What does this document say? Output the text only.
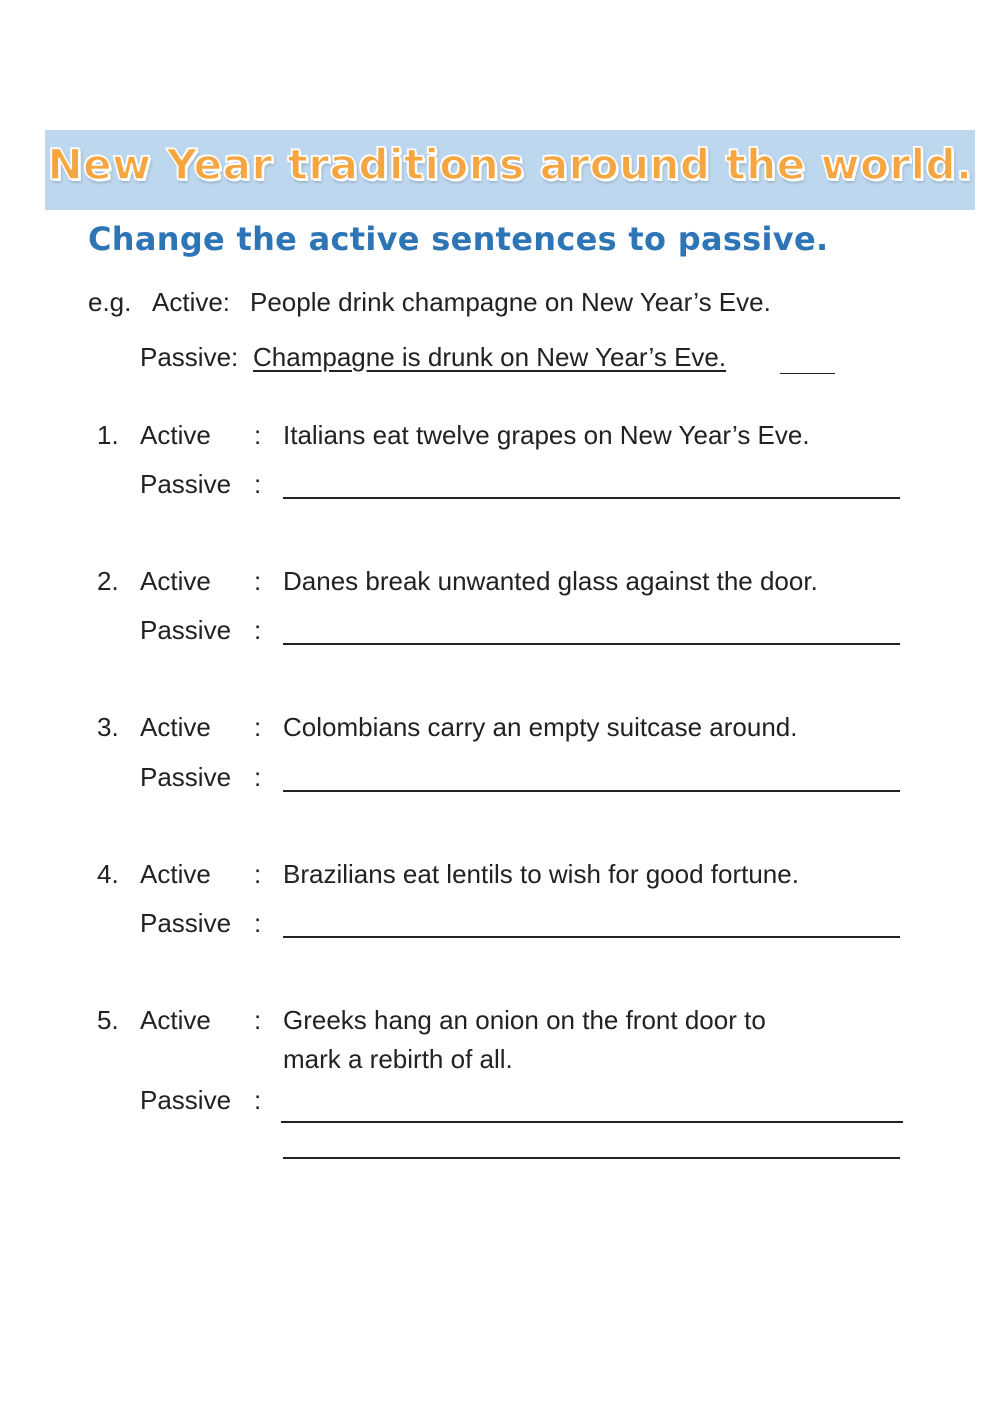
New Year traditions around the world.
Change the active sentences to passive.
e.g. Active: People drink champagne on New Year’s Eve.
Passive: Champagne is drunk on New Year’s Eve.
1. Active : Italians eat twelve grapes on New Year’s Eve.
Passive :
2. Active : Danes break unwanted glass against the door.
Passive :
3. Active : Colombians carry an empty suitcase around.
Passive :
4. Active : Brazilians eat lentils to wish for good fortune.
Passive :
5. Active : Greeks hang an onion on the front door to
mark a rebirth of all.
Passive :
